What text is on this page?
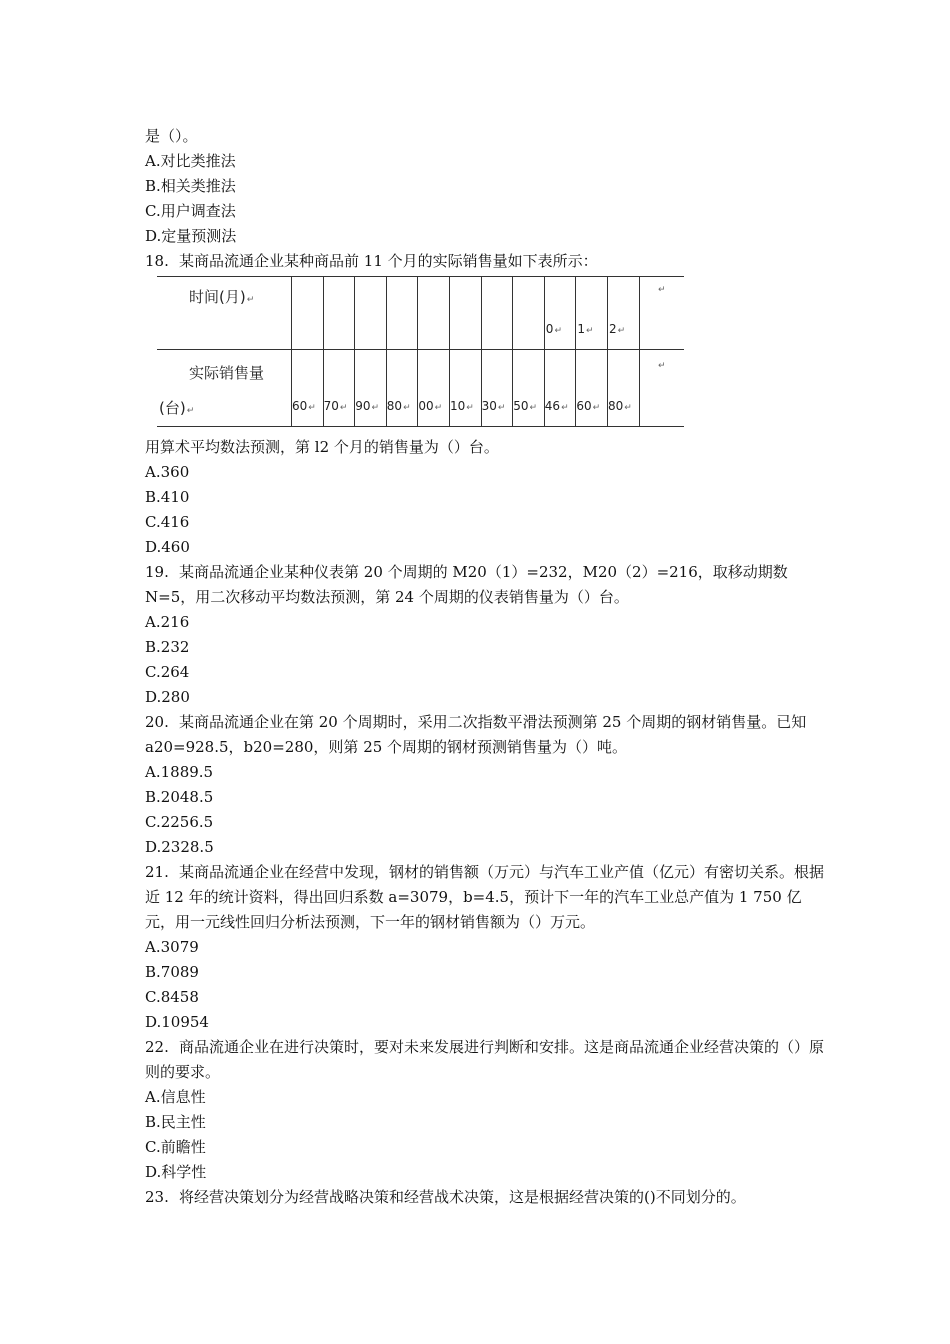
是（）。
A.对比类推法
B.相关类推法
C.用户调查法
D.定量预测法
18. 某商品流通企业某种商品前 11 个月的实际销售量如下表所示：
时间(月)↵
实际销售量
(台)↵
↵
↵
60↵ 70↵ 90↵ 80↵ 00↵ 10↵ 30↵ 50↵
0↵
46↵
1↵
60↵
2↵
80↵
用算术平均数法预测，第 l2 个月的销售量为（）台。
A.360
B.410
C.416
D.460
19. 某商品流通企业某种仪表第 20 个周期的 M20（1）=232，M20（2）=216，取移动期数 N=5，用二次移动平均数法预测，第 24 个周期的仪表销售量为（）台。
A.216
B.232
C.264
D.280
20. 某商品流通企业在第 20 个周期时，采用二次指数平滑法预测第 25 个周期的钢材销售量。已知 a20=928.5，b20=280，则第 25 个周期的钢材预测销售量为（）吨。
A.1889.5
B.2048.5
C.2256.5
D.2328.5
21. 某商品流通企业在经营中发现，钢材的销售额（万元）与汽车工业产值（亿元）有密切关系。根据近 12 年的统计资料，得出回归系数 a=3079，b=4.5，预计下一年的汽车工业总产值为 1 750 亿元，用一元线性回归分析法预测，下一年的钢材销售额为（）万元。
A.3079
B.7089
C.8458
D.10954
22. 商品流通企业在进行决策时，要对未来发展进行判断和安排。这是商品流通企业经营决策的（）原则的要求。
A.信息性
B.民主性
C.前瞻性
D.科学性
23. 将经营决策划分为经营战略决策和经营战术决策，这是根据经营决策的()不同划分的。
